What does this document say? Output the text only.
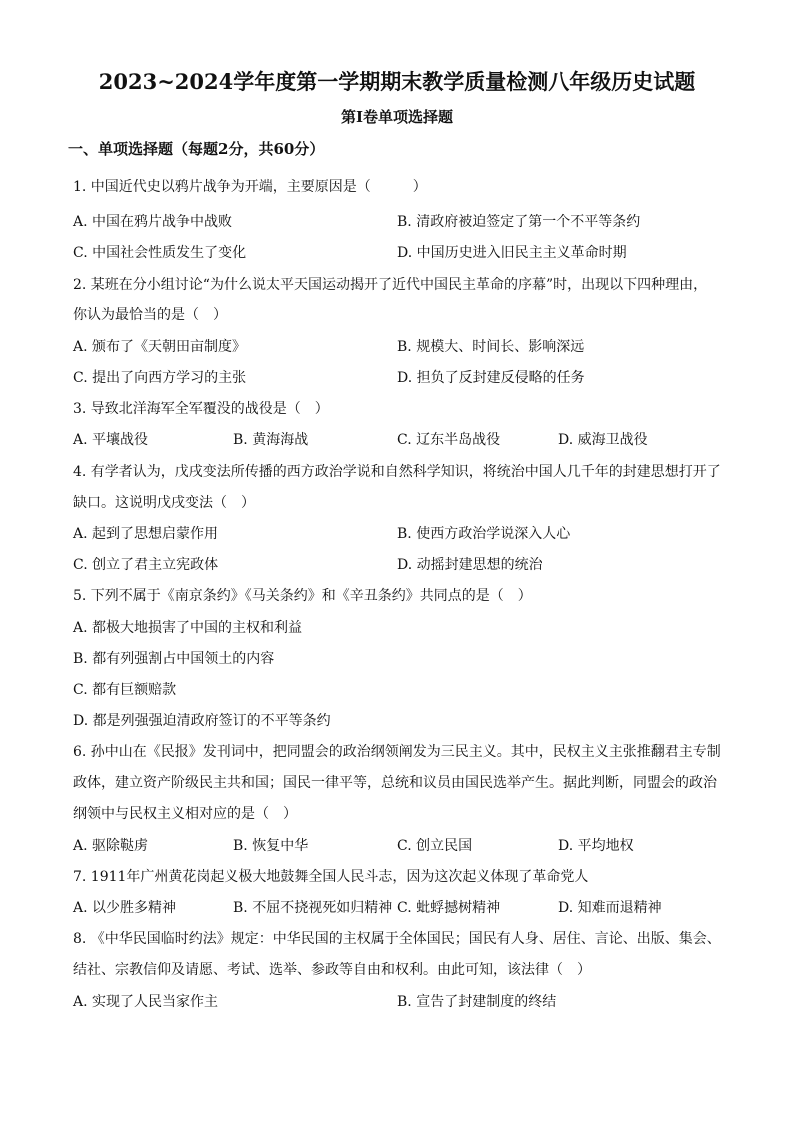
2023~2024学年度第一学期期末教学质量检测八年级历史试题
第Ⅰ卷单项选择题
一、单项选择题（每题2分，共60分）
1. 中国近代史以鸦片战争为开端，主要原因是（　　　）
A. 中国在鸦片战争中战败	B. 清政府被迫签定了第一个不平等条约
C. 中国社会性质发生了变化	D. 中国历史进入旧民主主义革命时期
2. 某班在分小组讨论“为什么说太平天国运动揭开了近代中国民主革命的序幕”时，出现以下四种理由，
你认为最恰当的是（　）
A. 颁布了《天朝田亩制度》	B. 规模大、时间长、影响深远
C. 提出了向西方学习的主张	D. 担负了反封建反侵略的任务
3. 导致北洋海军全军覆没的战役是（　）
A. 平壤战役	B. 黄海海战	C. 辽东半岛战役	D. 威海卫战役
4. 有学者认为，戊戌变法所传播的西方政治学说和自然科学知识，将统治中国人几千年的封建思想打开了
缺口。这说明戊戌变法（　）
A. 起到了思想启蒙作用	B. 使西方政治学说深入人心
C. 创立了君主立宪政体	D. 动摇封建思想的统治
5. 下列不属于《南京条约》《马关条约》和《辛丑条约》共同点的是（　）
A. 都极大地损害了中国的主权和利益
B. 都有列强割占中国领土的内容
C. 都有巨额赔款
D. 都是列强强迫清政府签订的不平等条约
6. 孙中山在《民报》发刊词中，把同盟会的政治纲领阐发为三民主义。其中，民权主义主张推翻君主专制
政体，建立资产阶级民主共和国；国民一律平等，总统和议员由国民选举产生。据此判断，同盟会的政治
纲领中与民权主义相对应的是（　）
A. 驱除鞑虏	B. 恢复中华	C. 创立民国	D. 平均地权
7. 1911年广州黄花岗起义极大地鼓舞全国人民斗志，因为这次起义体现了革命党人
A. 以少胜多精神	B. 不屈不挠视死如归精神 C. 蚍蜉撼树精神	D. 知难而退精神
8. 《中华民国临时约法》规定：中华民国的主权属于全体国民；国民有人身、居住、言论、出版、集会、
结社、宗教信仰及请愿、考试、选举、参政等自由和权利。由此可知，该法律（　）
A. 实现了人民当家作主	B. 宣告了封建制度的终结
